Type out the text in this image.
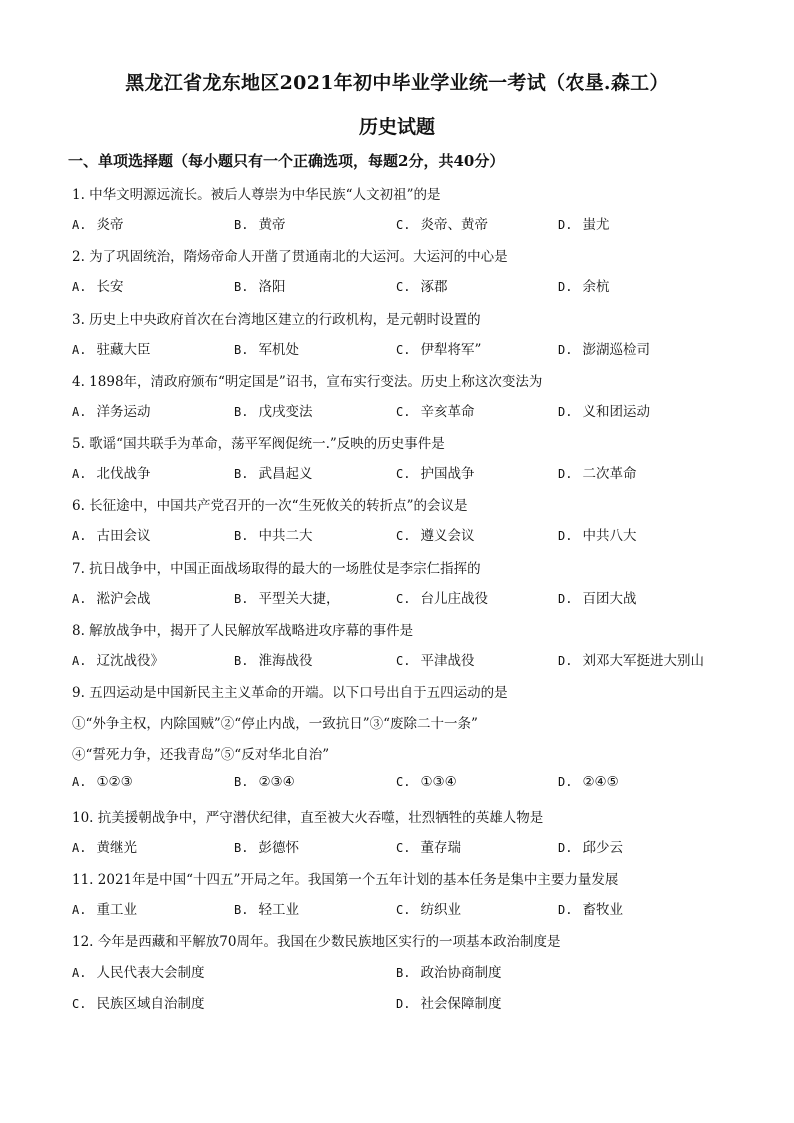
黑龙江省龙东地区2021年初中毕业学业统一考试（农垦.森工）
历史试题
一、单项选择题（每小题只有一个正确选项，每题2分，共40分）
1. 中华文明源远流长。被后人尊崇为中华民族“人文初祖”的是
A. 炎帝	B. 黄帝	C. 炎帝、黄帝	D. 蚩尤
2. 为了巩固统治，隋炀帝命人开凿了贯通南北的大运河。大运河的中心是
A. 长安	B. 洛阳	C. 涿郡	D. 余杭
3. 历史上中央政府首次在台湾地区建立的行政机构，是元朝时设置的
A. 驻藏大臣	B. 军机处	C. 伊犁将军”	D. 澎湖巡检司
4. 1898年，清政府颁布“明定国是”诏书，宣布实行变法。历史上称这次变法为
A. 洋务运动	B. 戊戌变法	C. 辛亥革命	D. 义和团运动
5. 歌谣“国共联手为革命，荡平军阀促统一.”反映的历史事件是
A. 北伐战争	B. 武昌起义	C. 护国战争	D. 二次革命
6. 长征途中，中国共产党召开的一次“生死攸关的转折点”的会议是
A. 古田会议	B. 中共二大	C. 遵义会议	D. 中共八大
7. 抗日战争中，中国正面战场取得的最大的一场胜仗是李宗仁指挥的
A. 淞沪会战	B. 平型关大捷，	C. 台儿庄战役	D. 百团大战
8. 解放战争中，揭开了人民解放军战略进攻序幕的事件是
A. 辽沈战役》	B. 淮海战役	C. 平津战役	D. 刘邓大军挺进大别山
9. 五四运动是中国新民主主义革命的开端。以下口号出自于五四运动的是
①“外争主权，内除国贼”②“停止内战，一致抗日”③“废除二十一条”
④“誓死力争，还我青岛”⑤“反对华北自治”
A. ①②③	B. ②③④	C. ①③④	D. ②④⑤
10. 抗美援朝战争中，严守潜伏纪律，直至被大火吞噬，壮烈牺牲的英雄人物是
A. 黄继光	B. 彭德怀	C. 董存瑞	D. 邱少云
11. 2021年是中国“十四五”开局之年。我国第一个五年计划的基本任务是集中主要力量发展
A. 重工业	B. 轻工业	C. 纺织业	D. 畜牧业
12. 今年是西藏和平解放70周年。我国在少数民族地区实行的一项基本政治制度是
A. 人民代表大会制度	B. 政治协商制度
C. 民族区域自治制度	D. 社会保障制度
